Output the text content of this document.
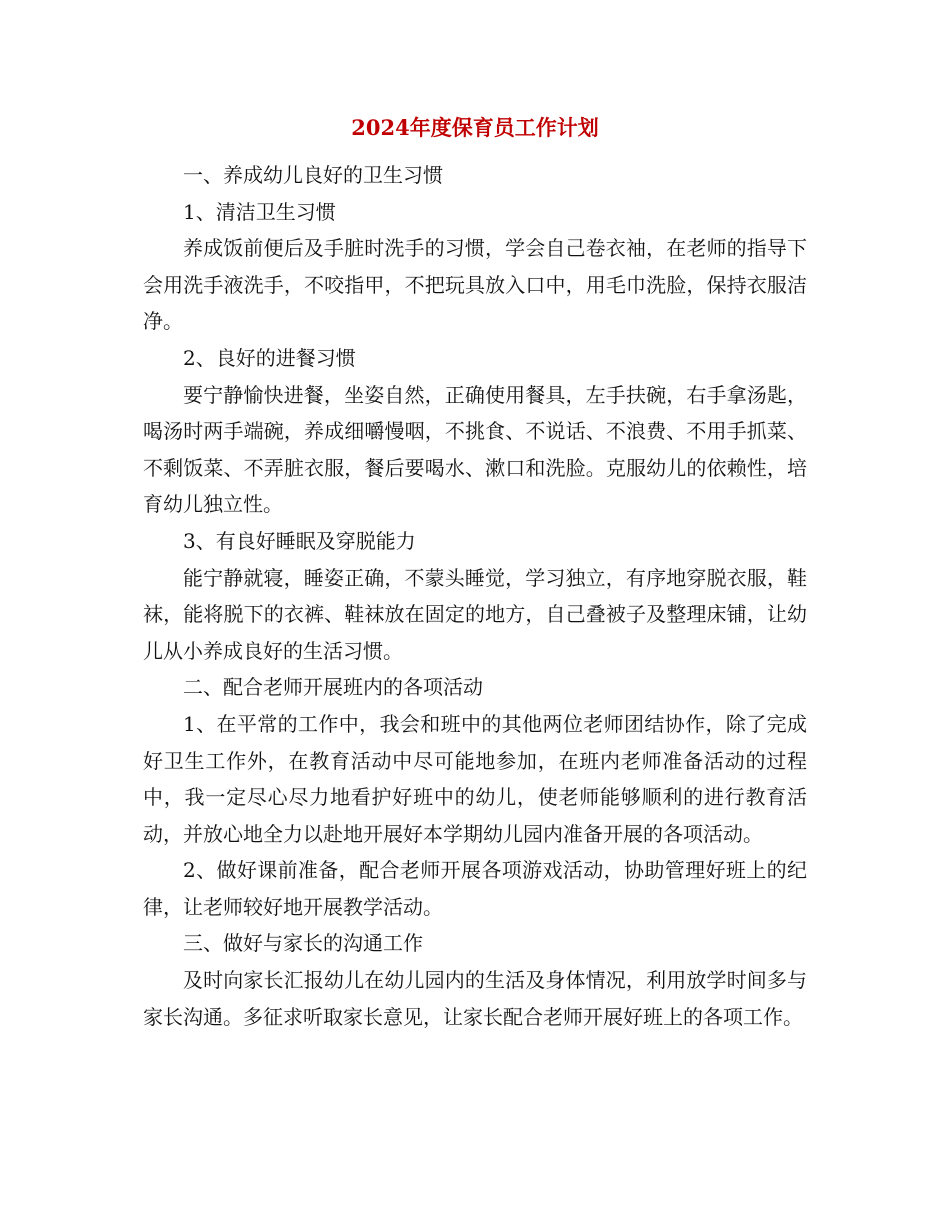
2024年度保育员工作计划

一、养成幼儿良好的卫生习惯

1、清洁卫生习惯

养成饭前便后及手脏时洗手的习惯，学会自己卷衣袖，在老师的指导下会用洗手液洗手，不咬指甲，不把玩具放入口中，用毛巾洗脸，保持衣服洁净。

2、良好的进餐习惯

要宁静愉快进餐，坐姿自然，正确使用餐具，左手扶碗，右手拿汤匙，喝汤时两手端碗，养成细嚼慢咽，不挑食、不说话、不浪费、不用手抓菜、不剩饭菜、不弄脏衣服，餐后要喝水、漱口和洗脸。克服幼儿的依赖性，培育幼儿独立性。

3、有良好睡眠及穿脱能力

能宁静就寝，睡姿正确，不蒙头睡觉，学习独立，有序地穿脱衣服，鞋袜，能将脱下的衣裤、鞋袜放在固定的地方，自己叠被子及整理床铺，让幼儿从小养成良好的生活习惯。

二、配合老师开展班内的各项活动

1、在平常的工作中，我会和班中的其他两位老师团结协作，除了完成好卫生工作外，在教育活动中尽可能地参加，在班内老师准备活动的过程中，我一定尽心尽力地看护好班中的幼儿，使老师能够顺利的进行教育活动，并放心地全力以赴地开展好本学期幼儿园内准备开展的各项活动。

2、做好课前准备，配合老师开展各项游戏活动，协助管理好班上的纪律，让老师较好地开展教学活动。

三、做好与家长的沟通工作

及时向家长汇报幼儿在幼儿园内的生活及身体情况，利用放学时间多与家长沟通。多征求听取家长意见，让家长配合老师开展好班上的各项工作。
